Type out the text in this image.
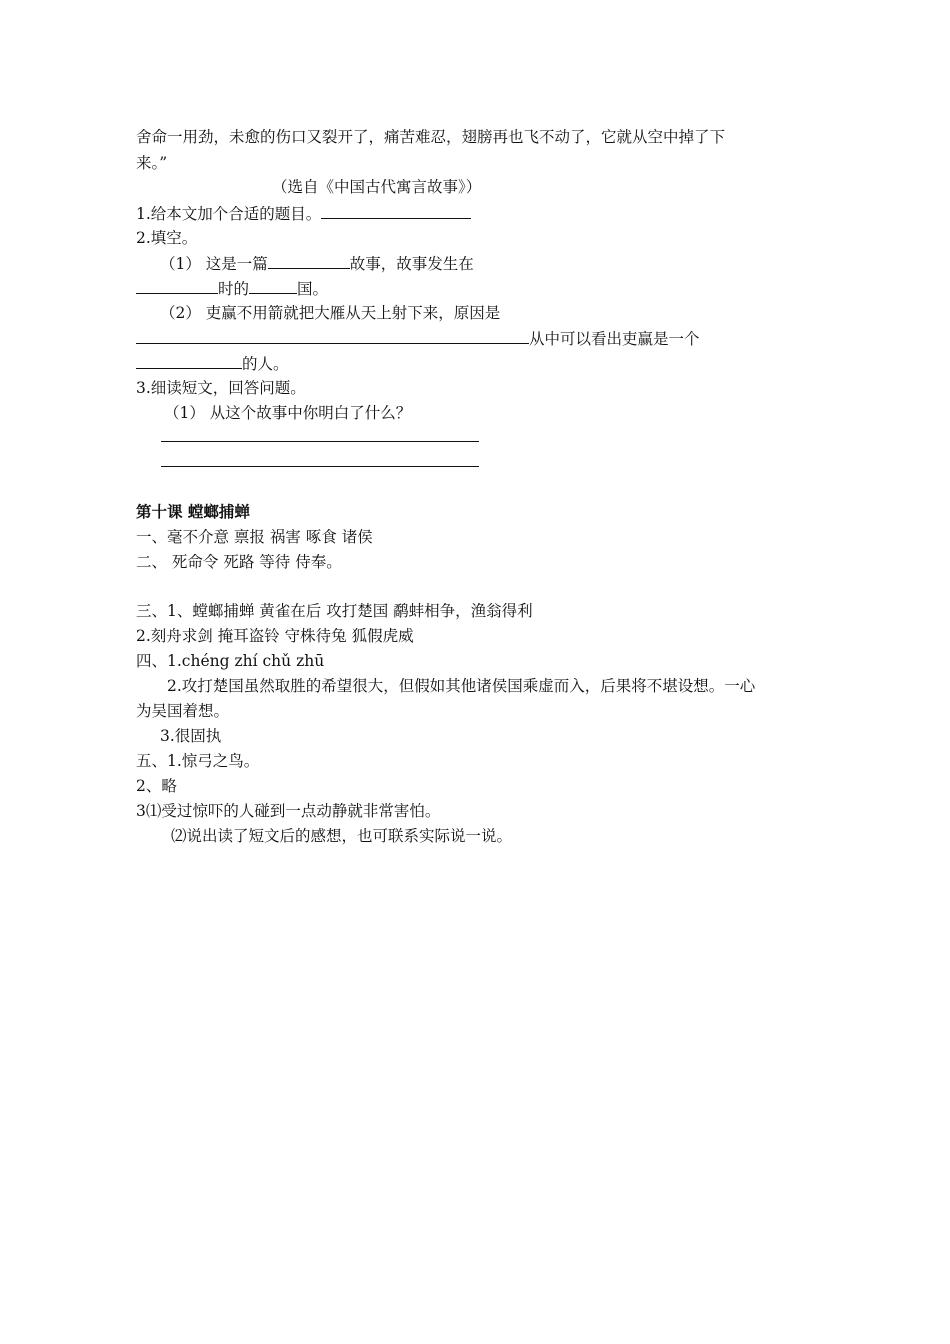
舍命一用劲，未愈的伤口又裂开了，痛苦难忍，翅膀再也飞不动了，它就从空中掉了下
来。”
（选自《中国古代寓言故事》）
1.给本文加个合适的题目。
2.填空。
（1） 这是一篇	故事，故事发生在
时的	国。
（2） 吏赢不用箭就把大雁从天上射下来，原因是
从中可以看出吏赢是一个
的人。
3.细读短文，回答问题。
（1） 从这个故事中你明白了什么？
第十课 螳螂捕蝉
一、毫不介意 禀报 祸害 啄食 诸侯
二、 死命令 死路 等待 侍奉。
三、1、螳螂捕蝉 黄雀在后 攻打楚国 鹬蚌相争，渔翁得利
2.刻舟求剑 掩耳盗铃 守株待兔 狐假虎威
四、1.chéng zhí chǔ zhū
2.攻打楚国虽然取胜的希望很大，但假如其他诸侯国乘虚而入，后果将不堪设想。一心
为吴国着想。
3.很固执
五、1.惊弓之鸟。
2、略
3⑴受过惊吓的人碰到一点动静就非常害怕。
⑵说出读了短文后的感想，也可联系实际说一说。
